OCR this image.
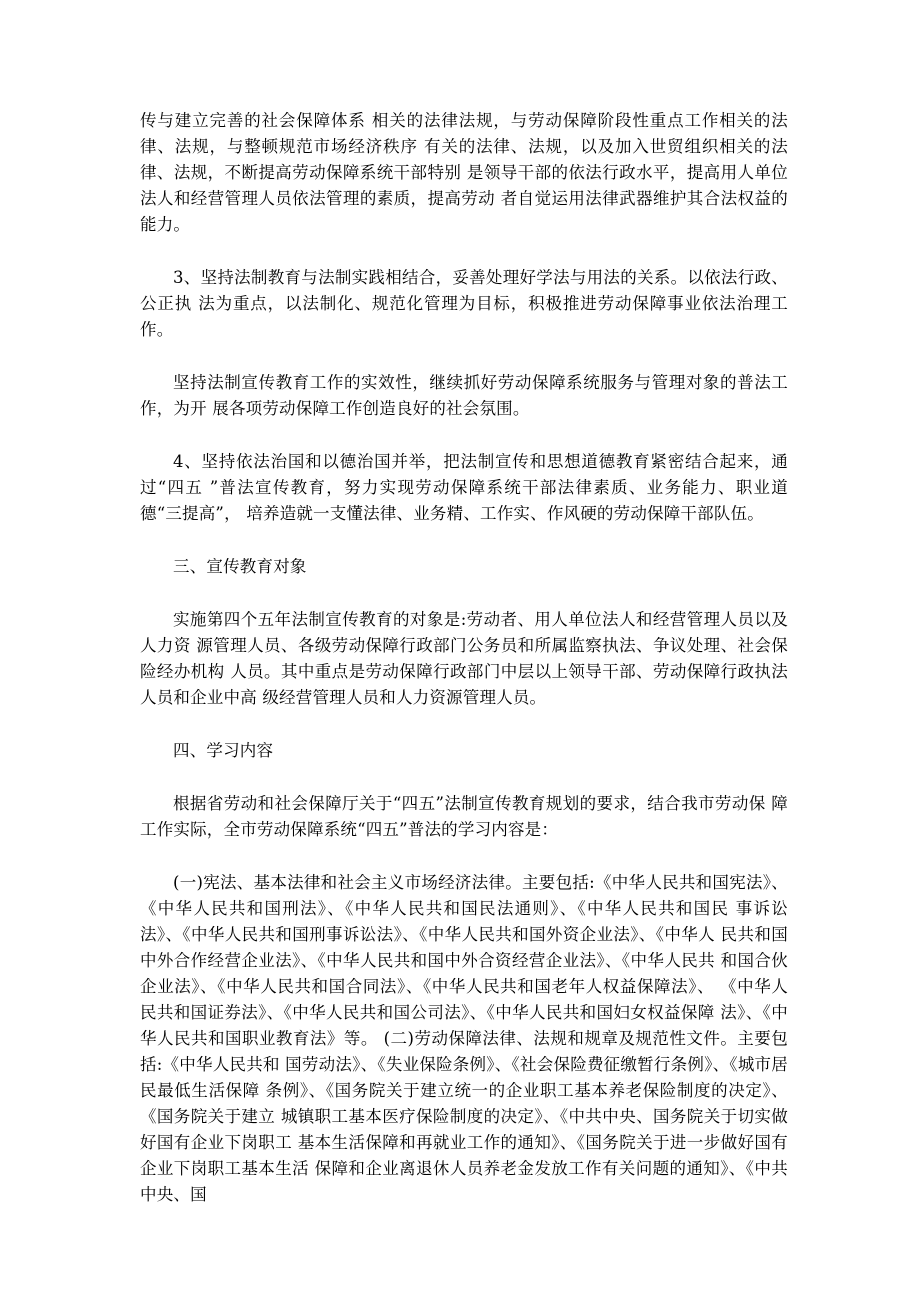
传与建立完善的社会保障体系 相关的法律法规，与劳动保障阶段性重点工作相关的法律、法规，与整顿规范市场经济秩序 有关的法律、法规，以及加入世贸组织相关的法律、法规，不断提高劳动保障系统干部特别 是领导干部的依法行政水平，提高用人单位法人和经营管理人员依法管理的素质，提高劳动 者自觉运用法律武器维护其合法权益的能力。

3、坚持法制教育与法制实践相结合，妥善处理好学法与用法的关系。以依法行政、公正执 法为重点，以法制化、规范化管理为目标，积极推进劳动保障事业依法治理工作。

坚持法制宣传教育工作的实效性，继续抓好劳动保障系统服务与管理对象的普法工作，为开 展各项劳动保障工作创造良好的社会氛围。

4、坚持依法治国和以德治国并举，把法制宣传和思想道德教育紧密结合起来，通过“四五 ”普法宣传教育，努力实现劳动保障系统干部法律素质、业务能力、职业道德“三提高”， 培养造就一支懂法律、业务精、工作实、作风硬的劳动保障干部队伍。

三、宣传教育对象

实施第四个五年法制宣传教育的对象是:劳动者、用人单位法人和经营管理人员以及人力资 源管理人员、各级劳动保障行政部门公务员和所属监察执法、争议处理、社会保险经办机构 人员。其中重点是劳动保障行政部门中层以上领导干部、劳动保障行政执法人员和企业中高 级经营管理人员和人力资源管理人员。

四、学习内容

根据省劳动和社会保障厅关于“四五”法制宣传教育规划的要求，结合我市劳动保 障工作实际，全市劳动保障系统“四五”普法的学习内容是：

(一)宪法、基本法律和社会主义市场经济法律。主要包括:《中华人民共和国宪法》、《中华人民共和国刑法》、《中华人民共和国民法通则》、《中华人民共和国民 事诉讼法》、《中华人民共和国刑事诉讼法》、《中华人民共和国外资企业法》、《中华人 民共和国中外合作经营企业法》、《中华人民共和国中外合资经营企业法》、《中华人民共 和国合伙企业法》、《中华人民共和国合同法》、《中华人民共和国老年人权益保障法》、 《中华人民共和国证券法》、《中华人民共和国公司法》、《中华人民共和国妇女权益保障 法》、《中华人民共和国职业教育法》等。 (二)劳动保障法律、法规和规章及规范性文件。主要包括:《中华人民共和 国劳动法》、《失业保险条例》、《社会保险费征缴暂行条例》、《城市居民最低生活保障 条例》、《国务院关于建立统一的企业职工基本养老保险制度的决定》、《国务院关于建立 城镇职工基本医疗保险制度的决定》、《中共中央、国务院关于切实做好国有企业下岗职工 基本生活保障和再就业工作的通知》、《国务院关于进一步做好国有企业下岗职工基本生活 保障和企业离退休人员养老金发放工作有关问题的通知》、《中共中央、国
